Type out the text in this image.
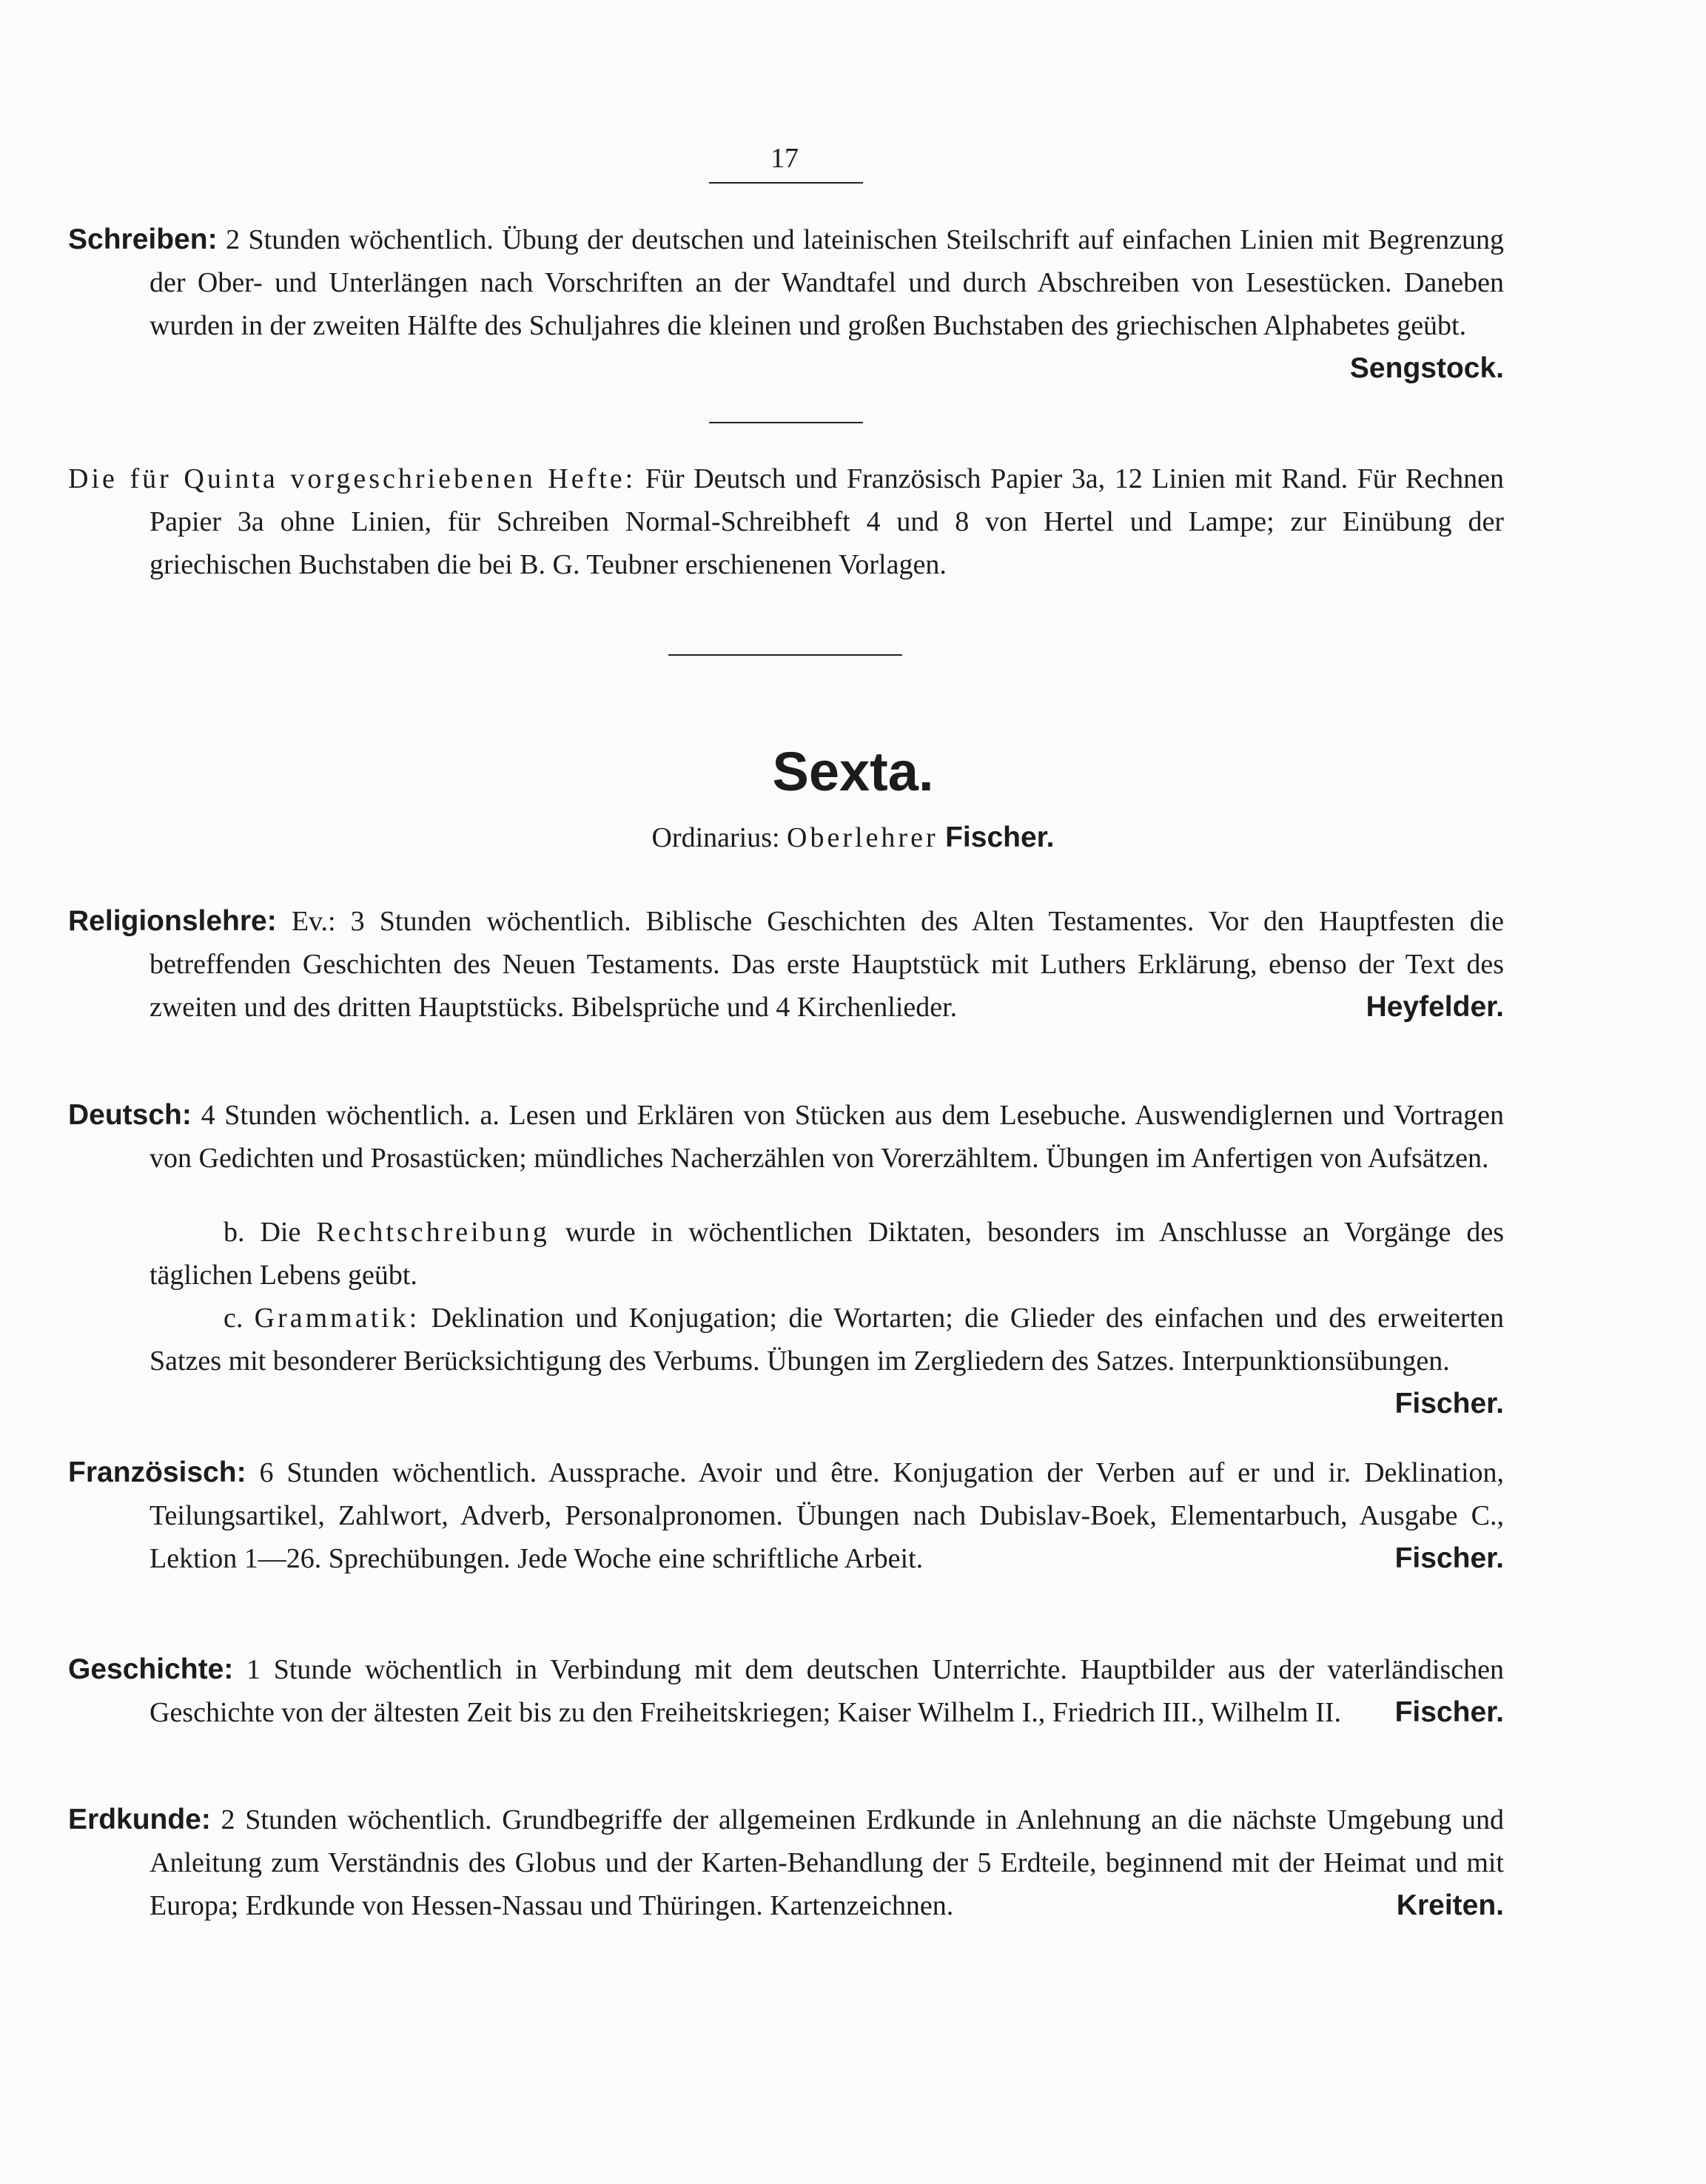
17
Schreiben: 2 Stunden wöchentlich. Übung der deutschen und lateinischen Steilschrift auf einfachen Linien mit Begrenzung der Ober- und Unterlängen nach Vorschriften an der Wandtafel und durch Abschreiben von Lesestücken. Daneben wurden in der zweiten Hälfte des Schuljahres die kleinen und großen Buchstaben des griechischen Alphabetes geübt.
Sengstock.
Die für Quinta vorgeschriebenen Hefte: Für Deutsch und Französisch Papier 3a, 12 Linien mit Rand. Für Rechnen Papier 3a ohne Linien, für Schreiben Normal-Schreibheft 4 und 8 von Hertel und Lampe; zur Einübung der griechischen Buchstaben die bei B. G. Teubner erschienenen Vorlagen.
Sexta.
Ordinarius: Oberlehrer Fischer.
Religionslehre: Ev.: 3 Stunden wöchentlich. Biblische Geschichten des Alten Testamentes. Vor den Hauptfesten die betreffenden Geschichten des Neuen Testaments. Das erste Hauptstück mit Luthers Erklärung, ebenso der Text des zweiten und des dritten Hauptstücks. Bibelsprüche und 4 Kirchenlieder.	Heyfelder.
Deutsch: 4 Stunden wöchentlich. a. Lesen und Erklären von Stücken aus dem Lesebuche. Auswendiglernen und Vortragen von Gedichten und Prosastücken; mündliches Nacherzählen von Vorerzähltem. Übungen im Anfertigen von Aufsätzen.
b. Die Rechtschreibung wurde in wöchentlichen Diktaten, besonders im Anschlusse an Vorgänge des täglichen Lebens geübt.
c. Grammatik: Deklination und Konjugation; die Wortarten; die Glieder des einfachen und des erweiterten Satzes mit besonderer Berücksichtigung des Verbums. Übungen im Zergliedern des Satzes. Interpunktionsübungen.
Fischer.
Französisch: 6 Stunden wöchentlich. Aussprache. Avoir und être. Konjugation der Verben auf er und ir. Deklination, Teilungsartikel, Zahlwort, Adverb, Personalpronomen. Übungen nach Dubislav-Boek, Elementarbuch, Ausgabe C., Lektion 1—26. Sprechübungen. Jede Woche eine schriftliche Arbeit.	Fischer.
Geschichte: 1 Stunde wöchentlich in Verbindung mit dem deutschen Unterrichte. Hauptbilder aus der vaterländischen Geschichte von der ältesten Zeit bis zu den Freiheitskriegen; Kaiser Wilhelm I., Friedrich III., Wilhelm II. Fischer.
Erdkunde: 2 Stunden wöchentlich. Grundbegriffe der allgemeinen Erdkunde in Anlehnung an die nächste Umgebung und Anleitung zum Verständnis des Globus und der Karten-Behandlung der 5 Erdteile, beginnend mit der Heimat und mit Europa; Erdkunde von Hessen-Nassau und Thüringen. Kartenzeichnen.	Kreiten.
